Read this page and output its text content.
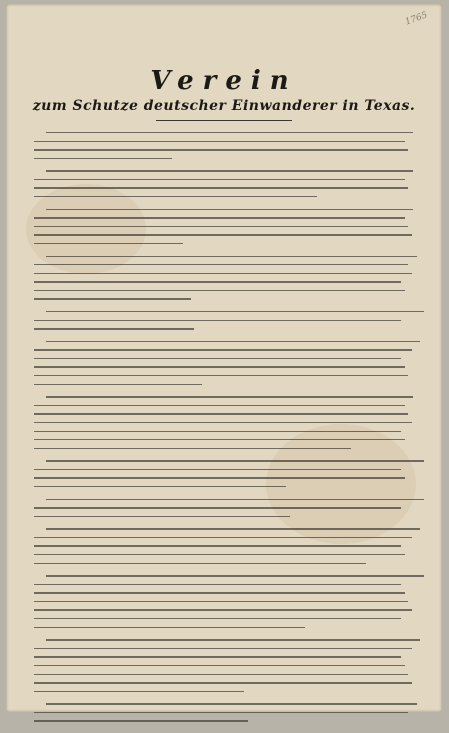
1765
Verein
zum Schutze deutscher Einwanderer in Texas.
